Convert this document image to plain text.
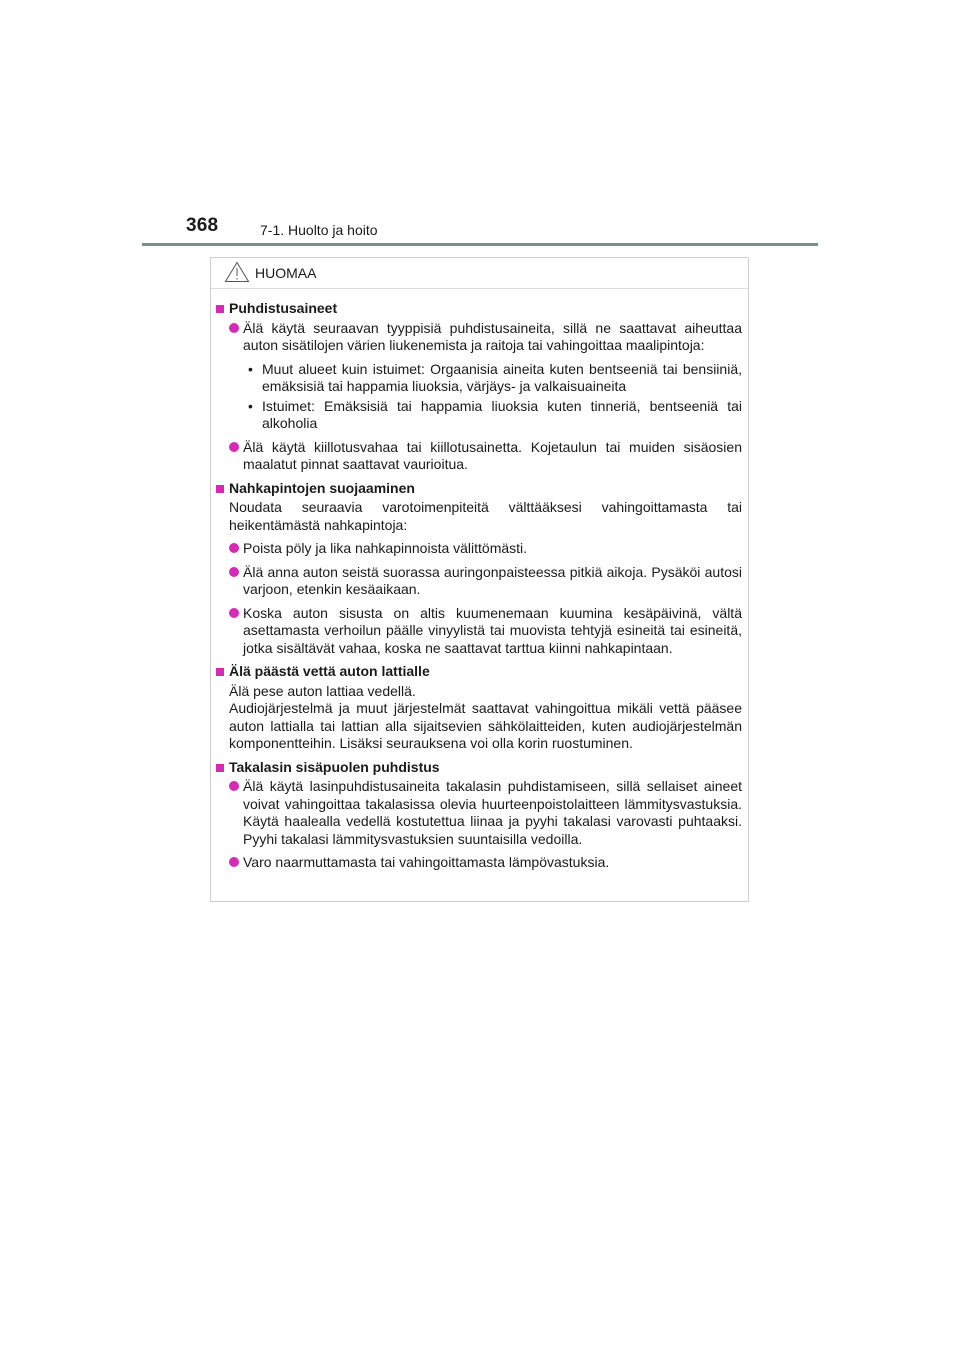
368	7-1. Huolto ja hoito
HUOMAA
Puhdistusaineet
Älä käytä seuraavan tyyppisiä puhdistusaineita, sillä ne saattavat aiheuttaa auton sisätilojen värien liukenemista ja raitoja tai vahingoittaa maalipintoja:
• Muut alueet kuin istuimet: Orgaanisia aineita kuten bentseeniä tai bensiiniä, emäksisiä tai happamia liuoksia, värjäys- ja valkaisuaineita
• Istuimet: Emäksisiä tai happamia liuoksia kuten tinneriä, bentseeniä tai alkoholia
Älä käytä kiillotusvahaa tai kiillotusainetta. Kojetaulun tai muiden sisäosien maalatut pinnat saattavat vaurioitua.
Nahkapintojen suojaaminen
Noudata seuraavia varotoimenpiteitä välttääksesi vahingoittamasta tai heikentämästä nahkapintoja:
Poista pöly ja lika nahkapinnoista välittömästi.
Älä anna auton seistä suorassa auringonpaisteessa pitkiä aikoja. Pysäköi autosi varjoon, etenkin kesäaikaan.
Koska auton sisusta on altis kuumenemaan kuumina kesäpäivinä, vältä asettamasta verhoilun päälle vinyylistä tai muovista tehtyjä esineitä tai esineitä, jotka sisältävät vahaa, koska ne saattavat tarttua kiinni nahkapintaan.
Älä päästä vettä auton lattialle
Älä pese auton lattiaa vedellä.
Audiojärjestelmä ja muut järjestelmät saattavat vahingoittua mikäli vettä pääsee auton lattialla tai lattian alla sijaitsevien sähkölaitteiden, kuten audiojärjestelmän komponentteihin. Lisäksi seurauksena voi olla korin ruostuminen.
Takalasin sisäpuolen puhdistus
Älä käytä lasinpuhdistusaineita takalasin puhdistamiseen, sillä sellaiset aineet voivat vahingoittaa takalasissa olevia huurteenpoistolaitteen lämmitysvastuksia. Käytä haalealla vedellä kostutettua liinaa ja pyyhi takalasi varovasti puhtaaksi. Pyyhi takalasi lämmitysvastuksien suuntaisilla vedoilla.
Varo naarmuttamasta tai vahingoittamasta lämpövastuksia.
